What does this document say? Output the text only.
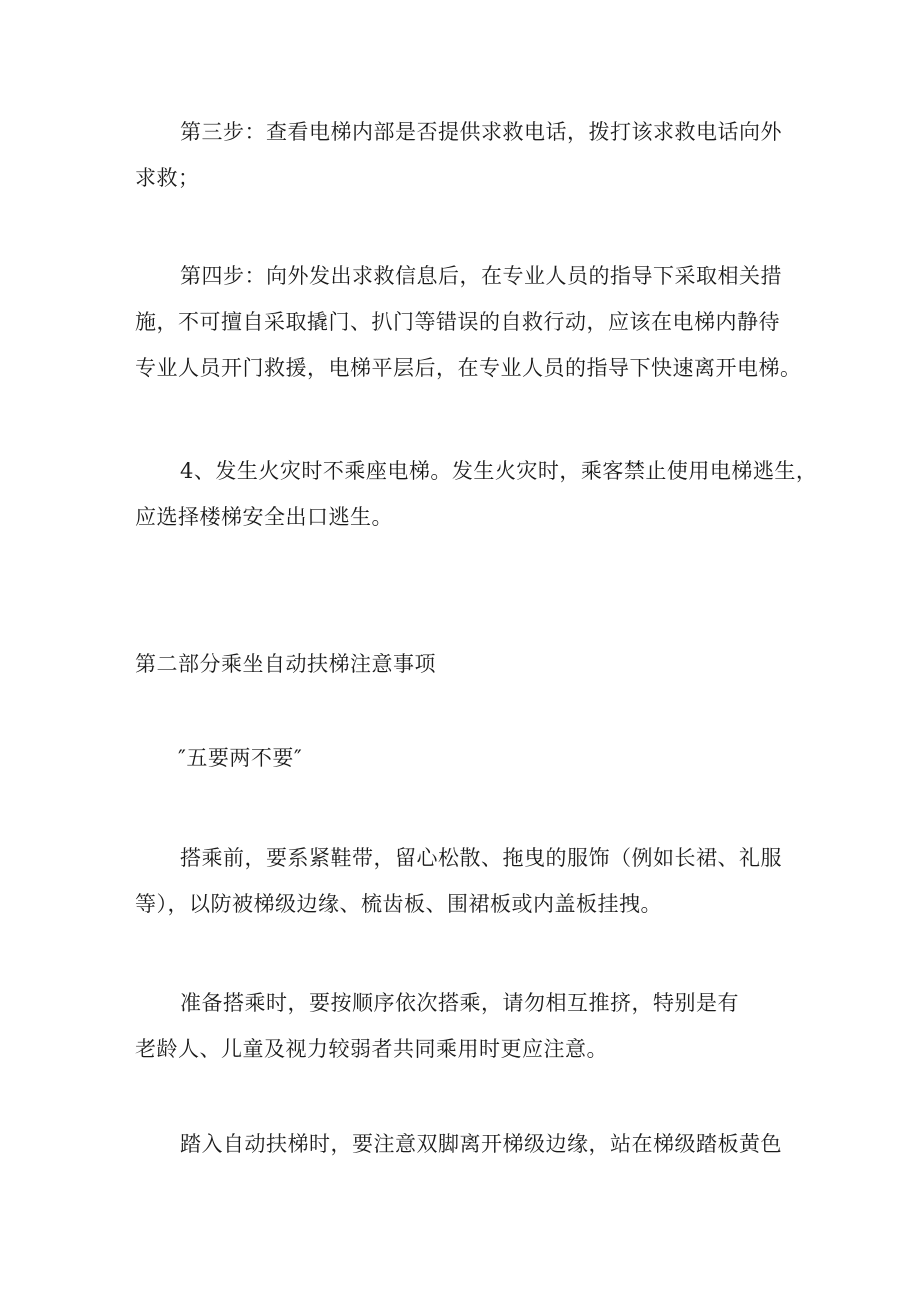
第三步：查看电梯内部是否提供求救电话，拨打该求救电话向外
求救；
第四步：向外发出求救信息后，在专业人员的指导下采取相关措
施，不可擅自采取撬门、扒门等错误的自救行动，应该在电梯内静待
专业人员开门救援，电梯平层后，在专业人员的指导下快速离开电梯。
4、发生火灾时不乘座电梯。发生火灾时，乘客禁止使用电梯逃生，
应选择楼梯安全出口逃生。
第二部分乘坐自动扶梯注意事项
″五要两不要″
搭乘前，要系紧鞋带，留心松散、拖曳的服饰（例如长裙、礼服
等），以防被梯级边缘、梳齿板、围裙板或内盖板挂拽。
准备搭乘时，要按顺序依次搭乘，请勿相互推挤，特别是有
老龄人、儿童及视力较弱者共同乘用时更应注意。
踏入自动扶梯时，要注意双脚离开梯级边缘，站在梯级踏板黄色
